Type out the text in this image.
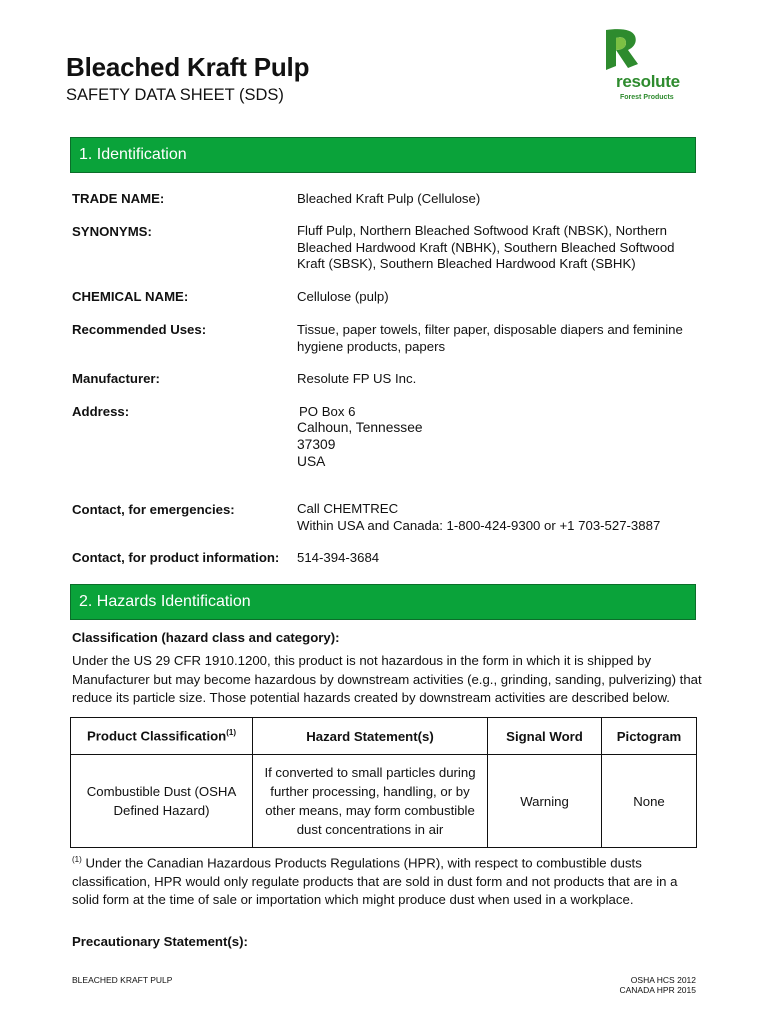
Bleached Kraft Pulp
SAFETY DATA SHEET (SDS)
resolute
Forest Products
1. Identification
TRADE NAME:	Bleached Kraft Pulp (Cellulose)
SYNONYMS:	Fluff Pulp, Northern Bleached Softwood Kraft (NBSK), Northern Bleached Hardwood Kraft (NBHK), Southern Bleached Softwood Kraft (SBSK), Southern Bleached Hardwood Kraft (SBHK)
CHEMICAL NAME:	Cellulose (pulp)
Recommended Uses:	Tissue, paper towels, filter paper, disposable diapers and feminine hygiene products, papers
Manufacturer:	Resolute FP US Inc.
Address:	PO Box 6
Calhoun, Tennessee
37309
USA
Contact, for emergencies:	Call CHEMTREC
Within USA and Canada: 1-800-424-9300 or +1 703-527-3887
Contact, for product information: 514-394-3684
2. Hazards Identification
Classification (hazard class and category):
Under the US 29 CFR 1910.1200, this product is not hazardous in the form in which it is shipped by Manufacturer but may become hazardous by downstream activities (e.g., grinding, sanding, pulverizing) that reduce its particle size. Those potential hazards created by downstream activities are described below.
Product Classification$^{(1)}$	Hazard Statement(s)	Signal Word	Pictogram
Combustible Dust (OSHA Defined Hazard)	If converted to small particles during further processing, handling, or by other means, may form combustible dust concentrations in air	Warning	None
$^{(1)}$ Under the Canadian Hazardous Products Regulations (HPR), with respect to combustible dusts classification, HPR would only regulate products that are sold in dust form and not products that are in a solid form at the time of sale or importation which might produce dust when used in a workplace.
Precautionary Statement(s):
BLEACHED KRAFT PULP	OSHA HCS 2012
CANADA HPR 2015
